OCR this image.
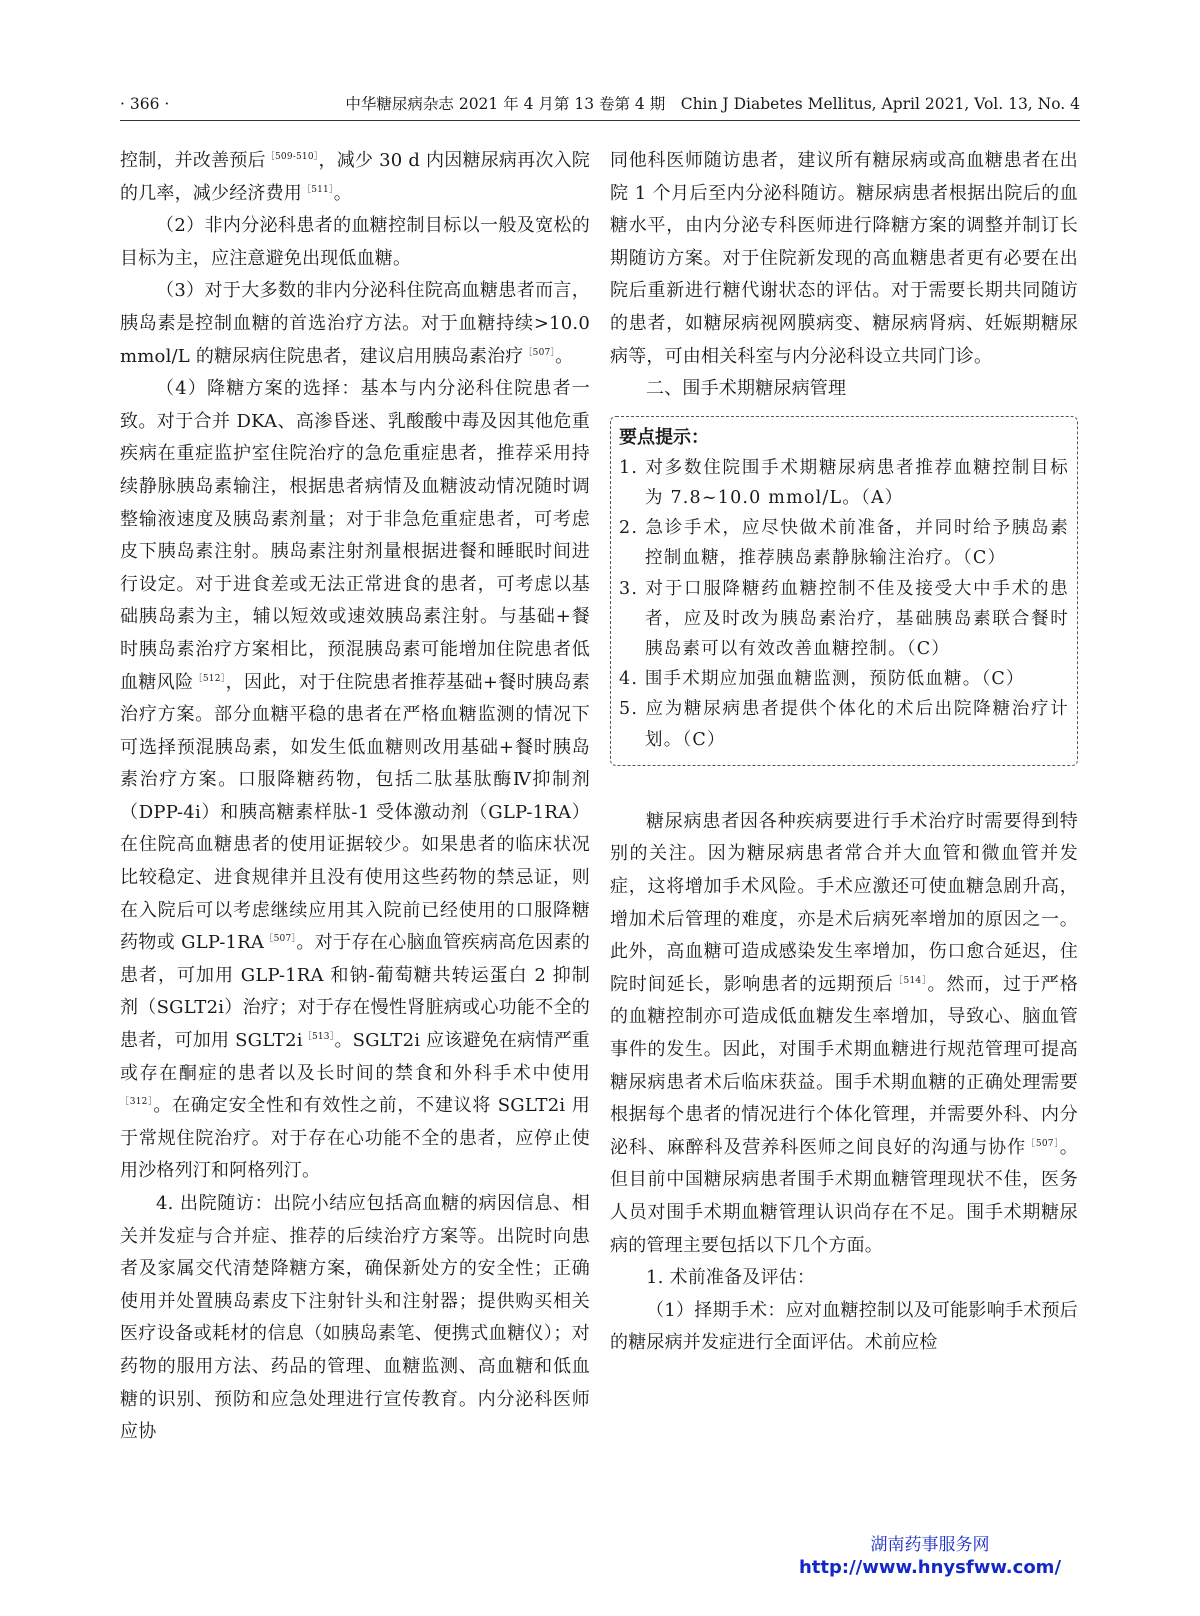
· 366 ·	中华糖尿病杂志 2021 年 4 月第 13 卷第 4 期　Chin J Diabetes Mellitus, April 2021, Vol. 13, No. 4

控制，并改善预后$^{[509-510]}$，减少 30 d 内因糖尿病再次入院的几率，减少经济费用$^{[511]}$。

（2）非内分泌科患者的血糖控制目标以一般及宽松的目标为主，应注意避免出现低血糖。

（3）对于大多数的非内分泌科住院高血糖患者而言，胰岛素是控制血糖的首选治疗方法。对于血糖持续>10.0 mmol/L 的糖尿病住院患者，建议启用胰岛素治疗$^{[507]}$。

（4）降糖方案的选择：基本与内分泌科住院患者一致。对于合并 DKA、高渗昏迷、乳酸酸中毒及因其他危重疾病在重症监护室住院治疗的急危重症患者，推荐采用持续静脉胰岛素输注，根据患者病情及血糖波动情况随时调整输液速度及胰岛素剂量；对于非急危重症患者，可考虑皮下胰岛素注射。胰岛素注射剂量根据进餐和睡眠时间进行设定。对于进食差或无法正常进食的患者，可考虑以基础胰岛素为主，辅以短效或速效胰岛素注射。与基础+餐时胰岛素治疗方案相比，预混胰岛素可能增加住院患者低血糖风险$^{[512]}$，因此，对于住院患者推荐基础+餐时胰岛素治疗方案。部分血糖平稳的患者在严格血糖监测的情况下可选择预混胰岛素，如发生低血糖则改用基础+餐时胰岛素治疗方案。口服降糖药物，包括二肽基肽酶Ⅳ抑制剂（DPP-4i）和胰高糖素样肽-1 受体激动剂（GLP-1RA）在住院高血糖患者的使用证据较少。如果患者的临床状况比较稳定、进食规律并且没有使用这些药物的禁忌证，则在入院后可以考虑继续应用其入院前已经使用的口服降糖药物或 GLP-$1RA^{[507]}$。对于存在心脑血管疾病高危因素的患者，可加用 GLP-1RA 和钠-葡萄糖共转运蛋白 2 抑制剂（SGLT2i）治疗；对于存在慢性肾脏病或心功能不全的患者，可加用 $SGLT2i^{[513]}$。SGLT2i 应该避免在病情严重或存在酮症的患者以及长时间的禁食和外科手术中使用$^{[312]}$。在确定安全性和有效性之前，不建议将 SGLT2i 用于常规住院治疗。对于存在心功能不全的患者，应停止使用沙格列汀和阿格列汀。

4. 出院随访：出院小结应包括高血糖的病因信息、相关并发症与合并症、推荐的后续治疗方案等。出院时向患者及家属交代清楚降糖方案，确保新处方的安全性；正确使用并处置胰岛素皮下注射针头和注射器；提供购买相关医疗设备或耗材的信息（如胰岛素笔、便携式血糖仪）；对药物的服用方法、药品的管理、血糖监测、高血糖和低血糖的识别、预防和应急处理进行宣传教育。内分泌科医师应协

同他科医师随访患者，建议所有糖尿病或高血糖患者在出院 1 个月后至内分泌科随访。糖尿病患者根据出院后的血糖水平，由内分泌专科医师进行降糖方案的调整并制订长期随访方案。对于住院新发现的高血糖患者更有必要在出院后重新进行糖代谢状态的评估。对于需要长期共同随访的患者，如糖尿病视网膜病变、糖尿病肾病、妊娠期糖尿病等，可由相关科室与内分泌科设立共同门诊。

二、围手术期糖尿病管理

要点提示：
1. 对多数住院围手术期糖尿病患者推荐血糖控制目标为 7.8~10.0 mmol/L。（A）
2. 急诊手术，应尽快做术前准备，并同时给予胰岛素控制血糖，推荐胰岛素静脉输注治疗。（C）
3. 对于口服降糖药血糖控制不佳及接受大中手术的患者，应及时改为胰岛素治疗，基础胰岛素联合餐时胰岛素可以有效改善血糖控制。（C）
4. 围手术期应加强血糖监测，预防低血糖。（C）
5. 应为糖尿病患者提供个体化的术后出院降糖治疗计划。（C）

糖尿病患者因各种疾病要进行手术治疗时需要得到特别的关注。因为糖尿病患者常合并大血管和微血管并发症，这将增加手术风险。手术应激还可使血糖急剧升高，增加术后管理的难度，亦是术后病死率增加的原因之一。此外，高血糖可造成感染发生率增加，伤口愈合延迟，住院时间延长，影响患者的远期预后$^{[514]}$。然而，过于严格的血糖控制亦可造成低血糖发生率增加，导致心、脑血管事件的发生。因此，对围手术期血糖进行规范管理可提高糖尿病患者术后临床获益。围手术期血糖的正确处理需要根据每个患者的情况进行个体化管理，并需要外科、内分泌科、麻醉科及营养科医师之间良好的沟通与协作$^{[507]}$。但目前中国糖尿病患者围手术期血糖管理现状不佳，医务人员对围手术期血糖管理认识尚存在不足。围手术期糖尿病的管理主要包括以下几个方面。

1. 术前准备及评估：

（1）择期手术：应对血糖控制以及可能影响手术预后的糖尿病并发症进行全面评估。术前应检

湖南药事服务网
http://www.hnysfww.com/
